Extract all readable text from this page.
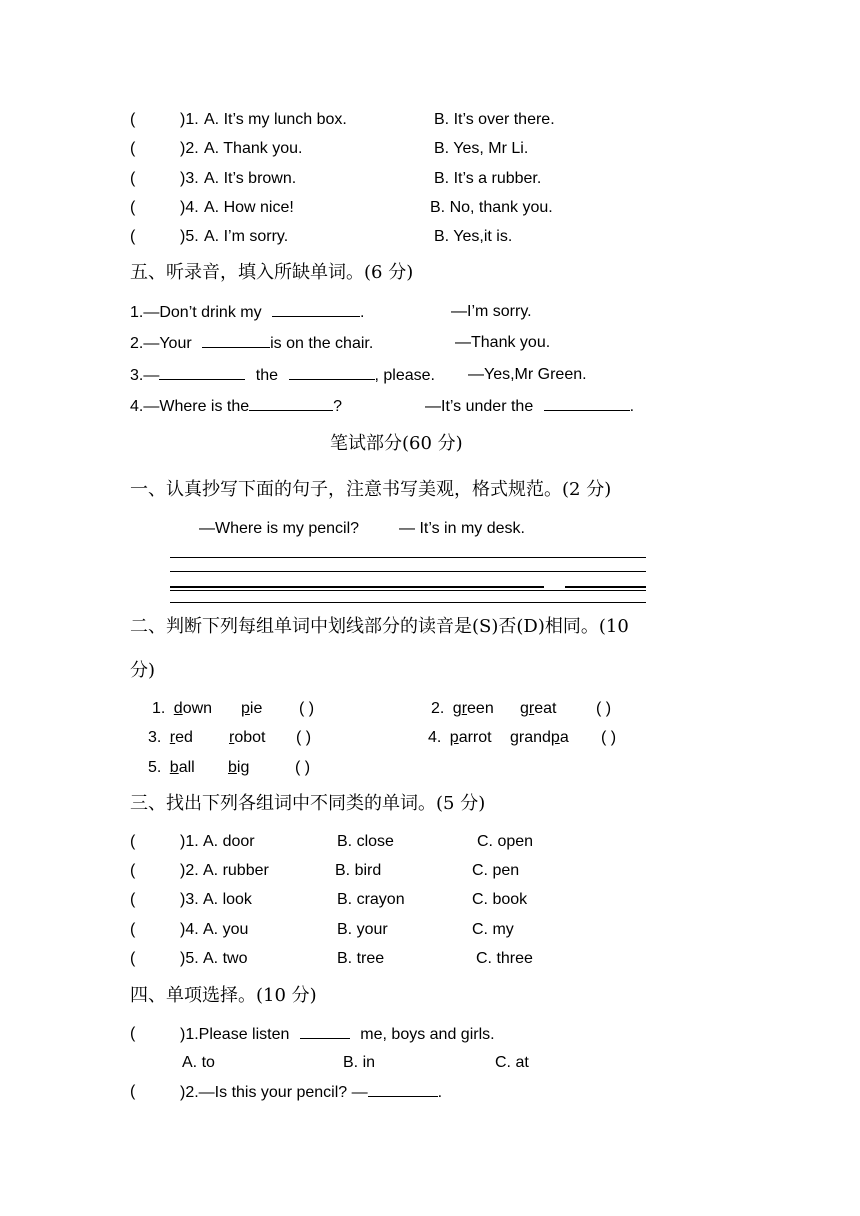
(	)1. A. It’s my lunch box.	B. It’s over there.
(	)2. A. Thank you.	B. Yes, Mr Li.
(	)3. A. It’s brown.	B. It’s a rubber.
(	)4. A. How nice!	B. No, thank you.
(	)5. A. I’m sorry.	B. Yes,it is.
五、听录音，填入所缺单词。(6 分)
1.—Don’t drink my	.	—I’m sorry.
2.—Your	is on the chair.	—Thank you.
3.—	the	, please. —Yes,Mr Green.
4.—Where is the	?	—It’s under the	.
笔试部分(60 分)
一、认真抄写下面的句子，注意书写美观，格式规范。(2 分)
—Where is my pencil? — It’s in my desk.
二、判断下列每组单词中划线部分的读音是(S)否(D)相同。(10
分)
1. down pie ( )	2. green great ( )
3. red robot ( )	4. parrot grandpa ( )
5. ball big	( )
三、找出下列各组词中不同类的单词。(5 分)
(	)1. A. door	B. close	C. open
(	)2. A. rubber	B. bird	C. pen
(	)3. A. look	B. crayon	C. book
(	)4. A. you	B. your	C. my
(	)5. A. two	B. tree	C. three
四、单项选择。(10 分)
(	)1.Please listen	me, boys and girls.
A. to	B. in	C. at
(	)2.—Is this your pencil? —	.
